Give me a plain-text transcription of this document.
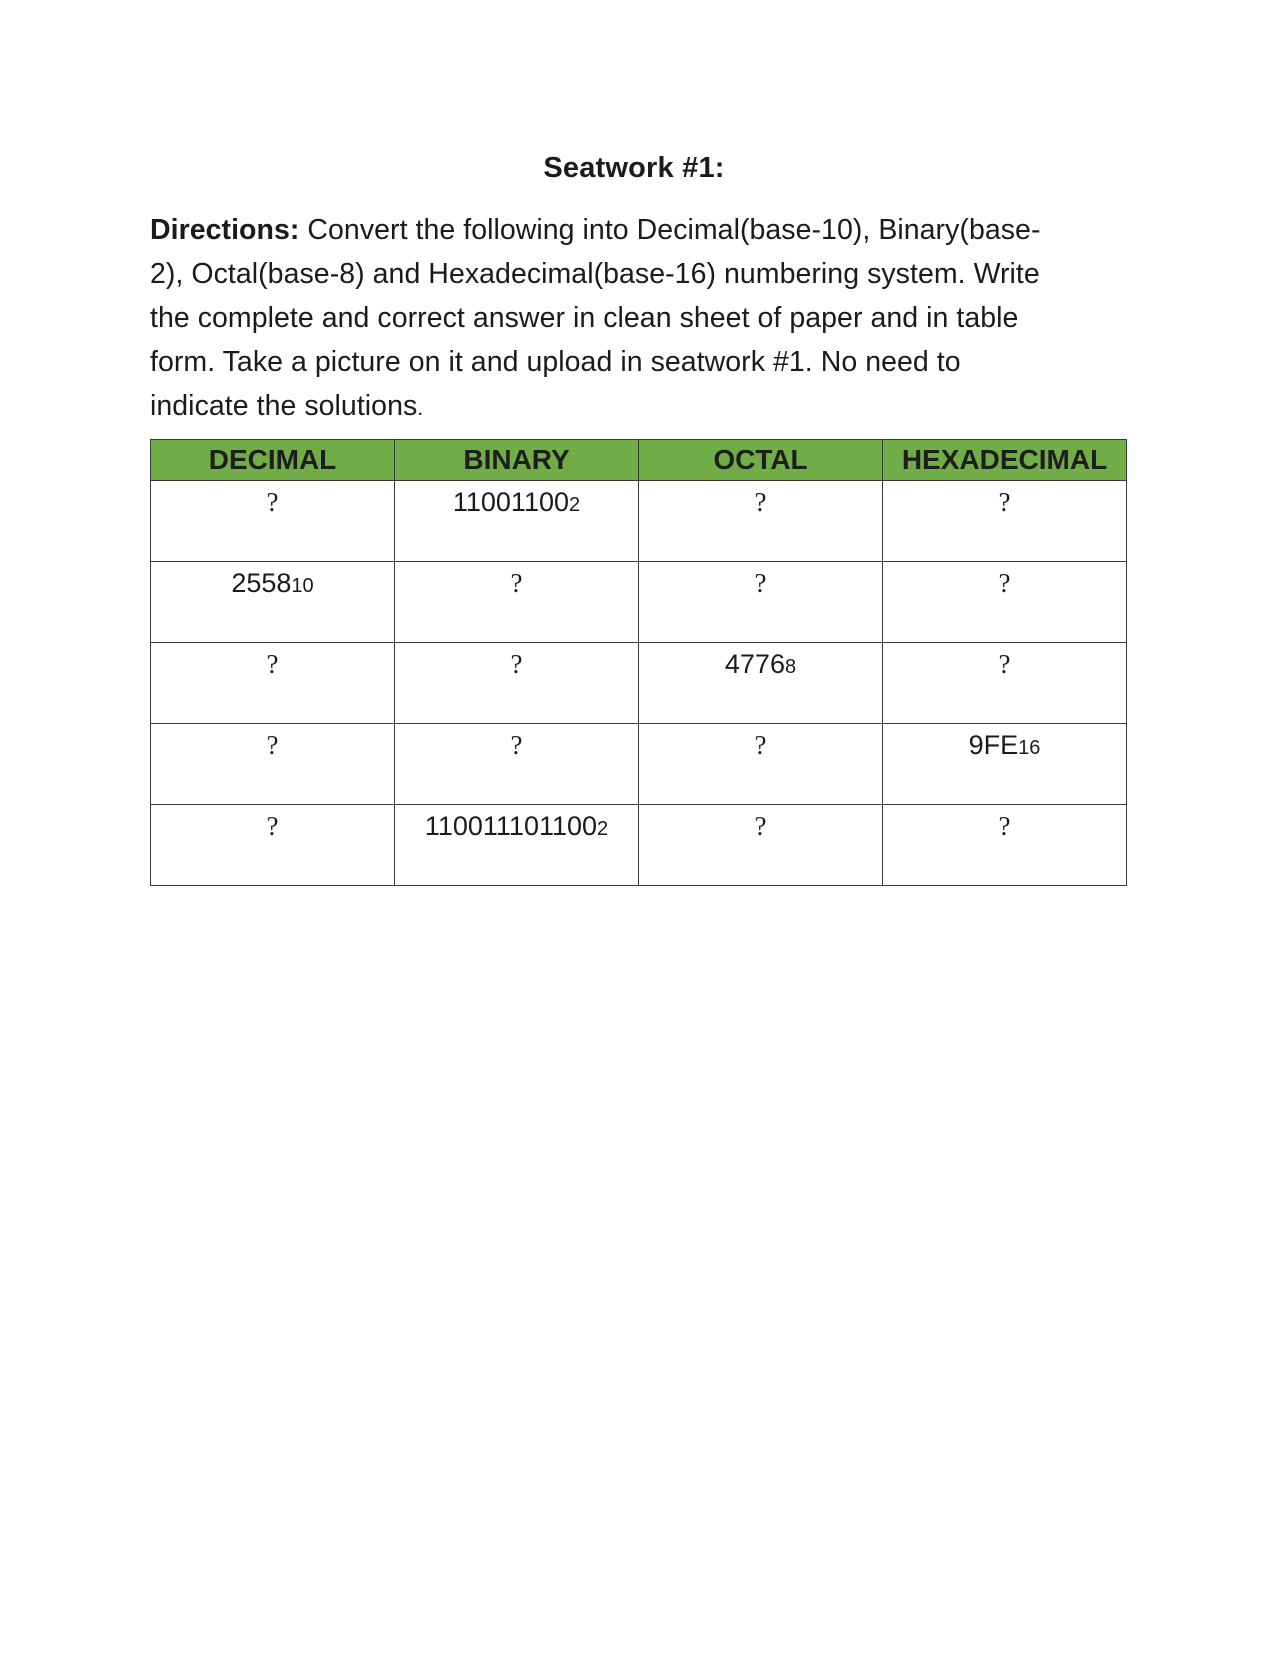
Seatwork #1:
Directions: Convert the following into Decimal(base-10), Binary(base-
2), Octal(base-8) and Hexadecimal(base-16) numbering system. Write
the complete and correct answer in clean sheet of paper and in table
form. Take a picture on it and upload in seatwork #1. No need to
indicate the solutions.
DECIMAL	BINARY	OCTAL	HEXADECIMAL
?	110011002	?	?
255810	?	?	?
?	?	47768	?
?	?	?	9FE16
?	1100111011002	?	?
